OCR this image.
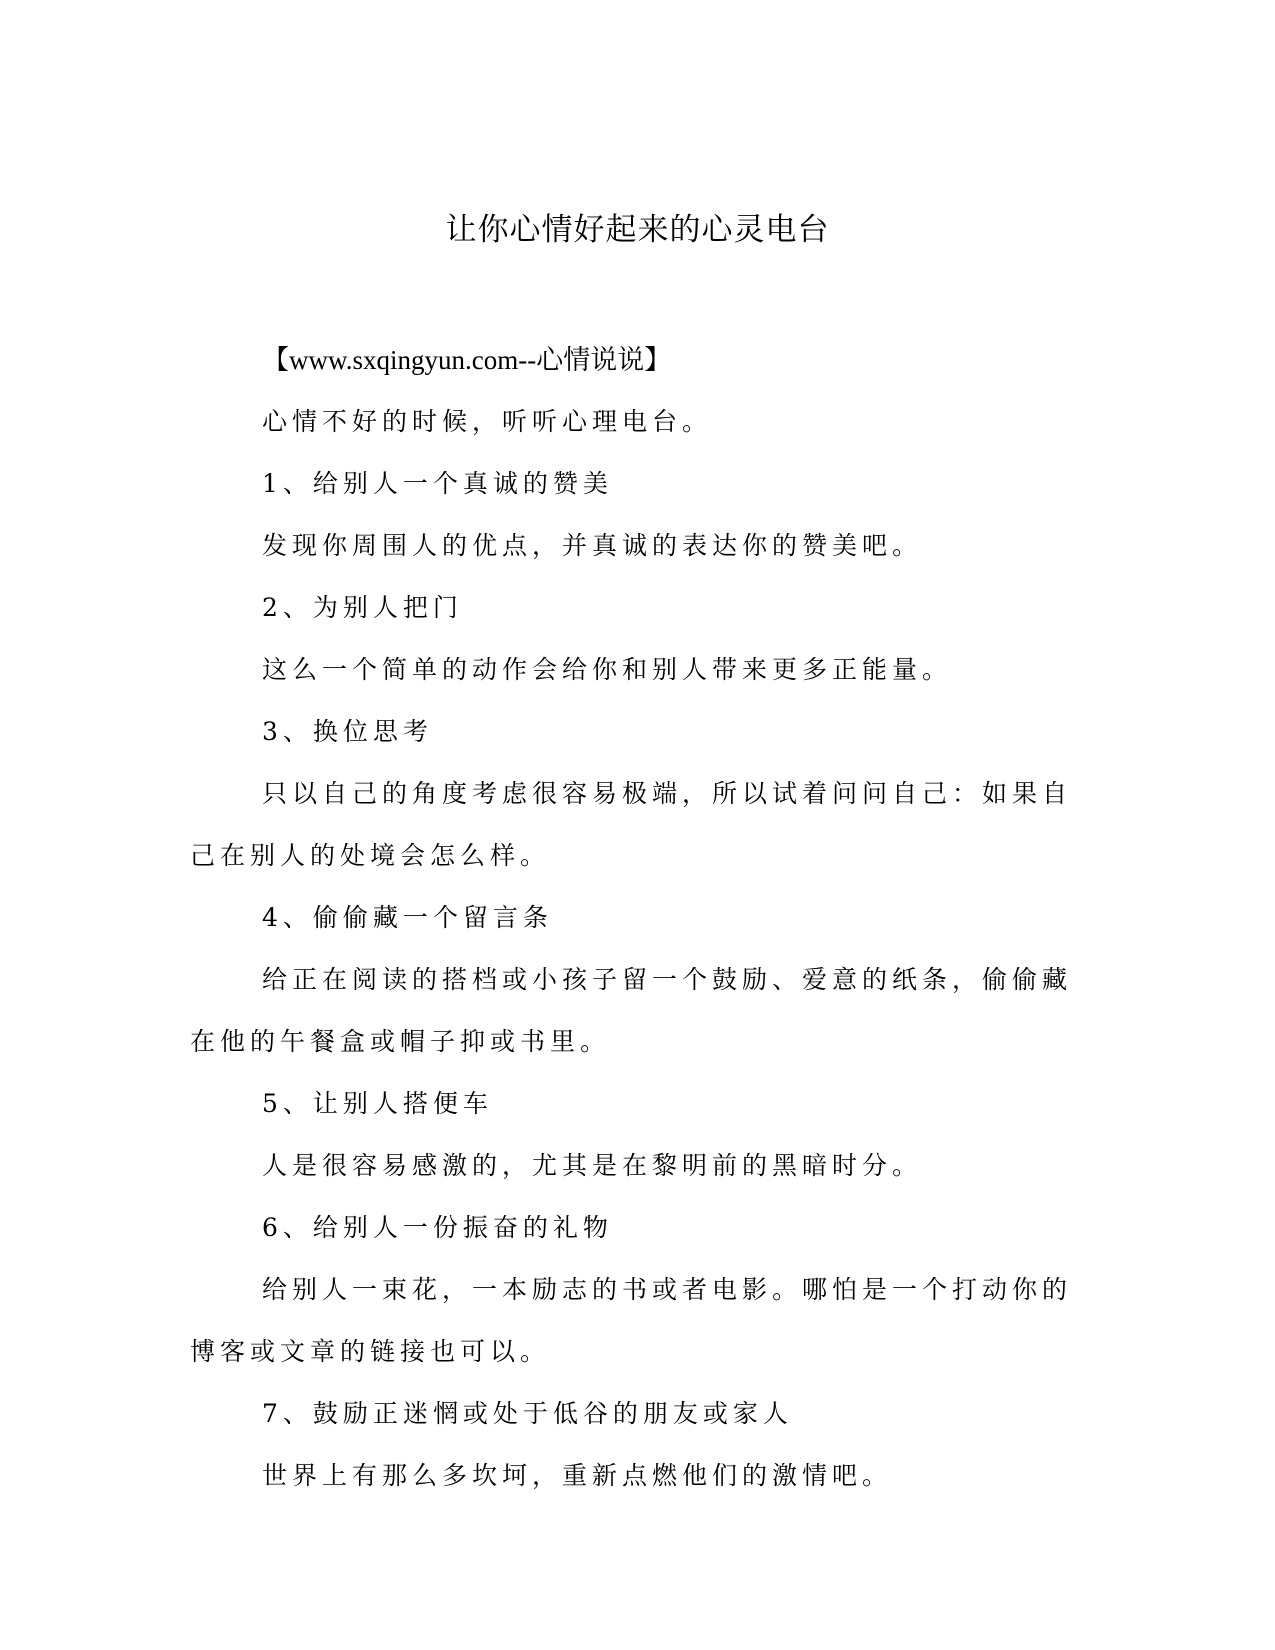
让你心情好起来的心灵电台

【www.sxqingyun.com--心情说说】

心情不好的时候，听听心理电台。

1、给别人一个真诚的赞美

发现你周围人的优点，并真诚的表达你的赞美吧。

2、为别人把门

这么一个简单的动作会给你和别人带来更多正能量。

3、换位思考

只以自己的角度考虑很容易极端，所以试着问问自己：如果自己在别人的处境会怎么样。

4、偷偷藏一个留言条

给正在阅读的搭档或小孩子留一个鼓励、爱意的纸条，偷偷藏在他的午餐盒或帽子抑或书里。

5、让别人搭便车

人是很容易感激的，尤其是在黎明前的黑暗时分。

6、给别人一份振奋的礼物

给别人一束花，一本励志的书或者电影。哪怕是一个打动你的博客或文章的链接也可以。

7、鼓励正迷惘或处于低谷的朋友或家人

世界上有那么多坎坷，重新点燃他们的激情吧。
